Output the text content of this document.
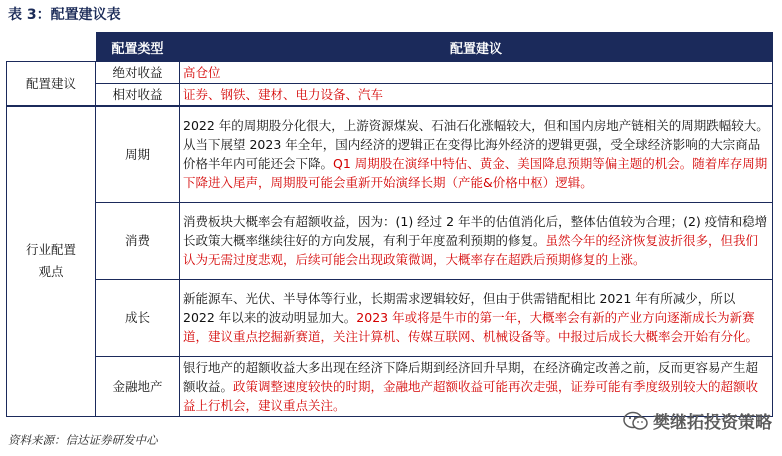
表 3：配置建议表
	配置类型	配置建议
配置建议	绝对收益	高仓位
	相对收益	证券、钢铁、建材、电力设备、汽车

行业配置观点	周期	2022 年的周期股分化很大，上游资源煤炭、石油石化涨幅较大，但和国内房地产链相关的周期跌幅较大。从当下展望 2023 年全年，国内经济的逻辑正在变得比海外经济的逻辑更强，受全球经济影响的大宗商品价格半年内可能还会下降。Q1 周期股在演绎中特估、黄金、美国降息预期等偏主题的机会。随着库存周期下降进入尾声，周期股可能会重新开始演绎长期（产能&价格中枢）逻辑。
	消费	消费板块大概率会有超额收益，因为：(1) 经过 2 年半的估值消化后，整体估值较为合理；(2) 疫情和稳增长政策大概率继续往好的方向发展，有利于年度盈利预期的修复。虽然今年的经济恢复波折很多，但我们认为无需过度悲观，后续可能会出现政策微调，大概率存在超跌后预期修复的上涨。
	成长	新能源车、光伏、半导体等行业，长期需求逻辑较好，但由于供需错配相比 2021 年有所减少，所以 2022 年以来的波动明显加大。2023 年或将是牛市的第一年，大概率会有新的产业方向逐渐成长为新赛道，建议重点挖掘新赛道，关注计算机、传媒互联网、机械设备等。中报过后成长大概率会开始有分化。
	金融地产	银行地产的超额收益大多出现在经济下降后期到经济回升早期，在经济确定改善之前，反而更容易产生超额收益。政策调整速度较快的时期，金融地产超额收益可能再次走强，证券可能有季度级别较大的超额收益上行机会，建议重点关注。
资料来源：信达证券研发中心
樊继拓投资策略
